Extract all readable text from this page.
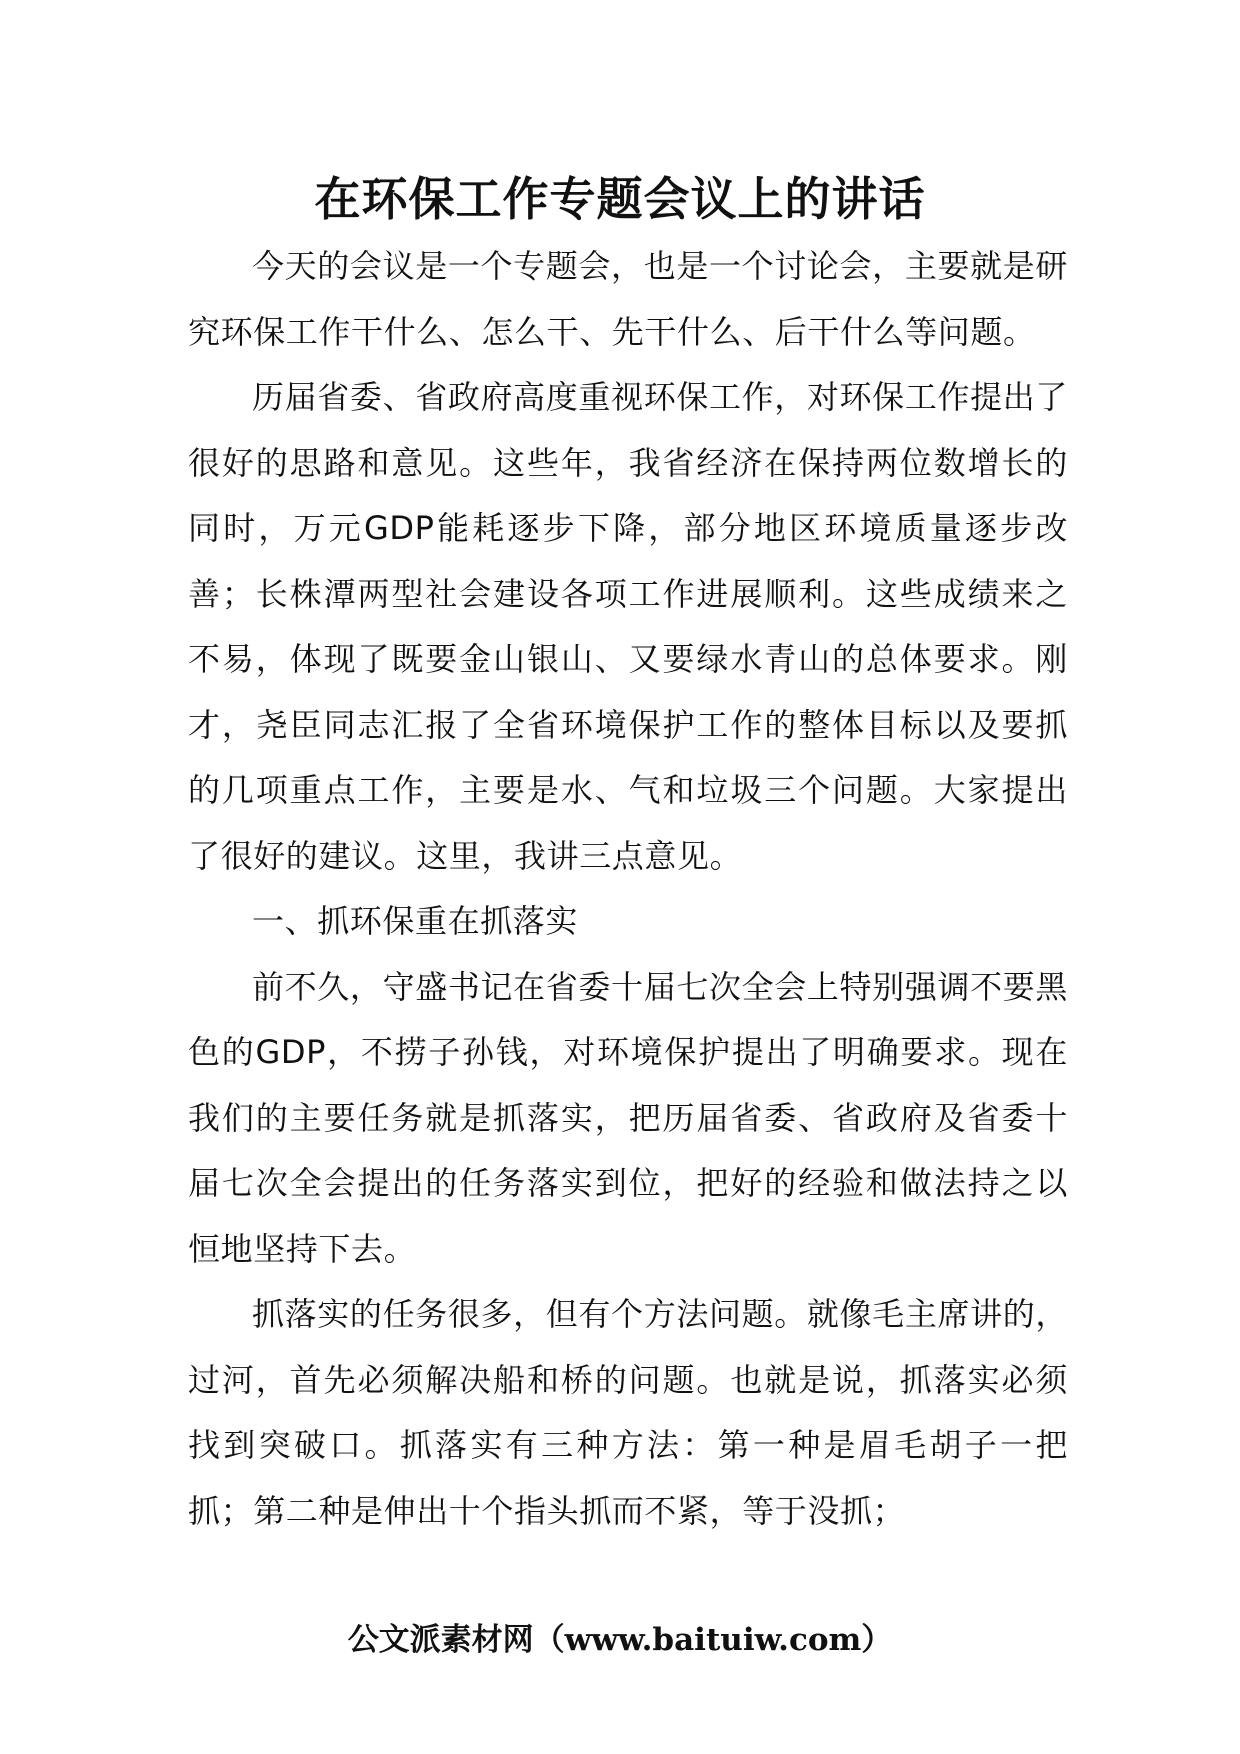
在环保工作专题会议上的讲话

今天的会议是一个专题会，也是一个讨论会，主要就是研究环保工作干什么、怎么干、先干什么、后干什么等问题。

历届省委、省政府高度重视环保工作，对环保工作提出了很好的思路和意见。这些年，我省经济在保持两位数增长的同时，万元GDP能耗逐步下降，部分地区环境质量逐步改善；长株潭两型社会建设各项工作进展顺利。这些成绩来之不易，体现了既要金山银山、又要绿水青山的总体要求。刚才，尧臣同志汇报了全省环境保护工作的整体目标以及要抓的几项重点工作，主要是水、气和垃圾三个问题。大家提出了很好的建议。这里，我讲三点意见。

一、抓环保重在抓落实

前不久，守盛书记在省委十届七次全会上特别强调不要黑色的GDP，不捞子孙钱，对环境保护提出了明确要求。现在我们的主要任务就是抓落实，把历届省委、省政府及省委十届七次全会提出的任务落实到位，把好的经验和做法持之以恒地坚持下去。

抓落实的任务很多，但有个方法问题。就像毛主席讲的，过河，首先必须解决船和桥的问题。也就是说，抓落实必须找到突破口。抓落实有三种方法：第一种是眉毛胡子一把抓；第二种是伸出十个指头抓而不紧，等于没抓；

公文派素材网（www.baituiw.com）
